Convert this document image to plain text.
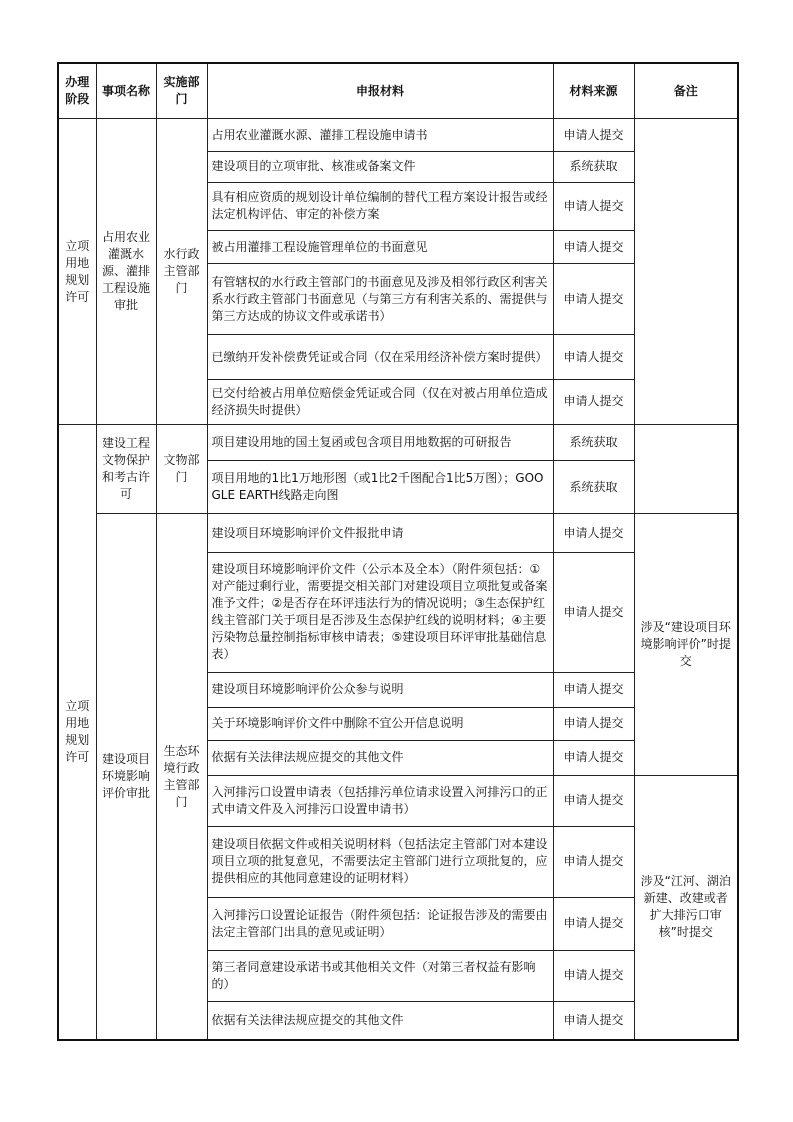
办理阶段	事项名称	实施部门	申报材料	材料来源	备注
立项用地规划许可	占用农业灌溉水源、灌排工程设施审批	水行政主管部门	占用农业灌溉水源、灌排工程设施申请书	申请人提交	
			建设项目的立项审批、核准或备案文件	系统获取	
			具有相应资质的规划设计单位编制的替代工程方案设计报告或经法定机构评估、审定的补偿方案	申请人提交	
			被占用灌排工程设施管理单位的书面意见	申请人提交	
			有管辖权的水行政主管部门的书面意见及涉及相邻行政区利害关系水行政主管部门书面意见（与第三方有利害关系的、需提供与第三方达成的协议文件或承诺书）	申请人提交	
			已缴纳开发补偿费凭证或合同（仅在采用经济补偿方案时提供）	申请人提交	
			已交付给被占用单位赔偿金凭证或合同（仅在对被占用单位造成经济损失时提供）	申请人提交	
立项用地规划许可	建设工程文物保护和考古许可	文物部门	项目建设用地的国土复函或包含项目用地数据的可研报告	系统获取	
			项目用地的1比1万地形图（或1比2千图配合1比5万图）；GOOGLE EARTH线路走向图	系统获取	
	建设项目环境影响评价审批	生态环境行政主管部门	建设项目环境影响评价文件报批申请	申请人提交	涉及“建设项目环境影响评价”时提交
			建设项目环境影响评价文件（公示本及全本）（附件须包括：①对产能过剩行业，需要提交相关部门对建设项目立项批复或备案准予文件；②是否存在环评违法行为的情况说明；③生态保护红线主管部门关于项目是否涉及生态保护红线的说明材料；④主要污染物总量控制指标审核申请表；⑤建设项目环评审批基础信息表）	申请人提交	
			建设项目环境影响评价公众参与说明	申请人提交	
			关于环境影响评价文件中删除不宜公开信息说明	申请人提交	
			依据有关法律法规应提交的其他文件	申请人提交	
			入河排污口设置申请表（包括排污单位请求设置入河排污口的正式申请文件及入河排污口设置申请书）	申请人提交	涉及“江河、湖泊新建、改建或者扩大排污口审核”时提交
			建设项目依据文件或相关说明材料（包括法定主管部门对本建设项目立项的批复意见，不需要法定主管部门进行立项批复的，应提供相应的其他同意建设的证明材料）	申请人提交	
			入河排污口设置论证报告（附件须包括：论证报告涉及的需要由法定主管部门出具的意见或证明）	申请人提交	
			第三者同意建设承诺书或其他相关文件（对第三者权益有影响的）	申请人提交	
			依据有关法律法规应提交的其他文件	申请人提交	
